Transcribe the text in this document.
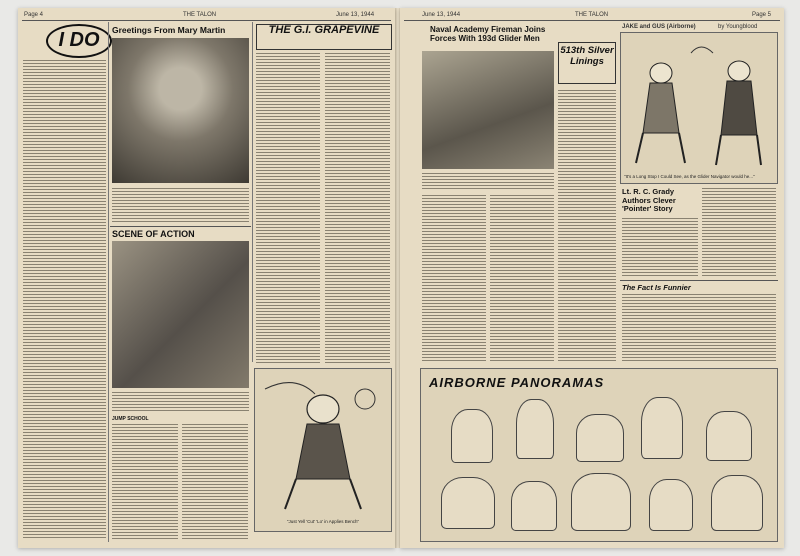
Page 4	THE TALON	June 13, 1944
I DO	Greetings From Mary Martin
SCENE OF ACTION
JUMP SCHOOL
THE G.I. GRAPEVINE
"Just Yell 'Cut' 'Lo' in Applies Bench"
June 13, 1944	THE TALON	Page 5
Naval Academy Fireman Joins Forces With 193d Glider Men
513th Silver Linings
JAKE and GUS (Airborne)	by Youngblood
"It's a Long Stop I Could See, as the Glider Navigator would he..."
Lt. R. C. Grady Authors Clever 'Pointer' Story
The Fact Is Funnier
AIRBORNE PANORAMAS
